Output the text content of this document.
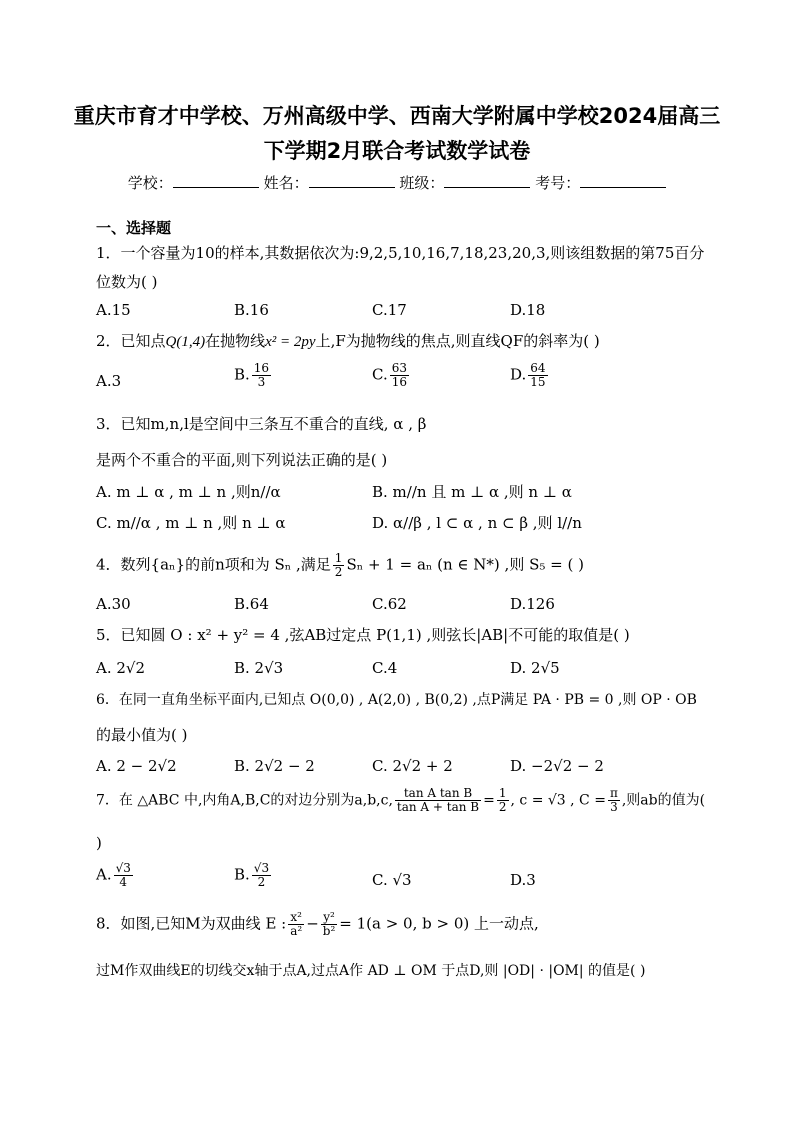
重庆市育才中学校、万州高级中学、西南大学附属中学校2024届高三
下学期2月联合考试数学试卷
学校：	姓名：	班级：	考号：
一、选择题
1．一个容量为10的样本,其数据依次为:9,2,5,10,16,7,18,23,20,3,则该组数据的第75百分
位数为( )
A.15	B.16	C.17	D.18
2．已知点Q(1,4)在抛物线x² = 2py上,F为抛物线的焦点,则直线QF的斜率为( )
A.3	B. $\frac{16}{3}$	C. $\frac{63}{16}$	D. $\frac{64}{15}$
3．已知m,n,l是空间中三条互不重合的直线, α , β
是两个不重合的平面,则下列说法正确的是( )
A. m ⊥ α , m ⊥ n ,则n//α	B. m//n 且 m ⊥ α ,则 n ⊥ α
C. m//α , m ⊥ n ,则 n ⊥ α	D. α//β , l ⊂ α , n ⊂ β ,则 l//n
4．数列{aₙ}的前n项和为 Sₙ ,满足 $\frac{1}{2}$ Sₙ + 1 = aₙ (n ∈ N*) ,则 S₅ = ( )
A.30	B.64	C.62	D.126
5．已知圆 O : x² + y² = 4 ,弦AB过定点 P(1,1) ,则弦长|AB|不可能的取值是( )
A. 2√2	B. 2√3	C.4	D. 2√5
6．在同一直角坐标平面内,已知点 O(0,0) , A(2,0) , B(0,2) ,点P满足 PA · PB = 0 ,则 OP · OB
的最小值为( )
A. 2 − 2√2	B. 2√2 − 2	C. 2√2 + 2	D. −2√2 − 2
7．在 △ABC 中,内角A,B,C的对边分别为a,b,c, $\frac{\text{tan A tan B}}{\text{tan A + tan B}} = \frac{1}{2}$ , c = √3 , $C = \frac{\pi}{3}$ ,则ab的值为(
)
A. $\frac{√3}{4}$	B. $\frac{√3}{2}$	C. √3	D.3
8．如图,已知M为双曲线 E : $\frac{\text{x²}}{\text{a²}} - \frac{\text{y²}}{\text{b²}} = 1(a > 0$, b > 0) 上一动点,
过M作双曲线E的切线交x轴于点A,过点A作 AD ⊥ OM 于点D,则 |OD| · |OM| 的值是( )
